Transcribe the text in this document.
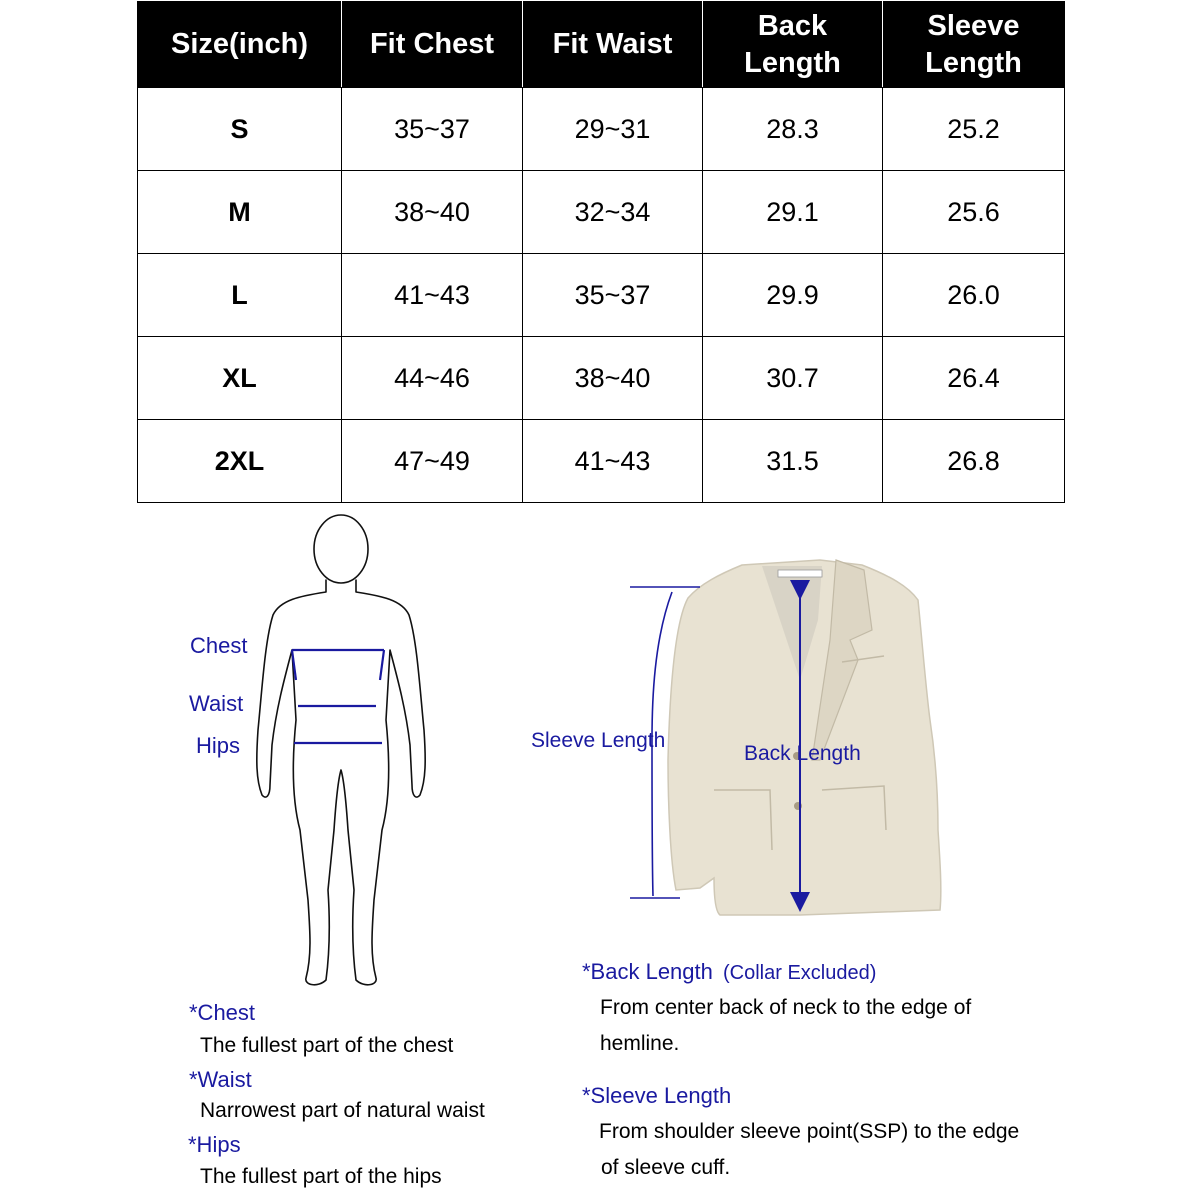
Size(inch)	Fit Chest	Fit Waist	Back Length	Sleeve Length
S	35~37	29~31	28.3	25.2
M	38~40	32~34	29.1	25.6
L	41~43	35~37	29.9	26.0
XL	44~46	38~40	30.7	26.4
2XL	47~49	41~43	31.5	26.8
Chest
Waist
Hips	Sleeve Length
Back Length
*Chest
The fullest part of the chest
*Waist
Narrowest part of natural waist
*Hips
The fullest part of the hips
*Back Length (Collar Excluded)
From center back of neck to the edge of
hemline.
*Sleeve Length
From shoulder sleeve point(SSP) to the edge
of sleeve cuff.
